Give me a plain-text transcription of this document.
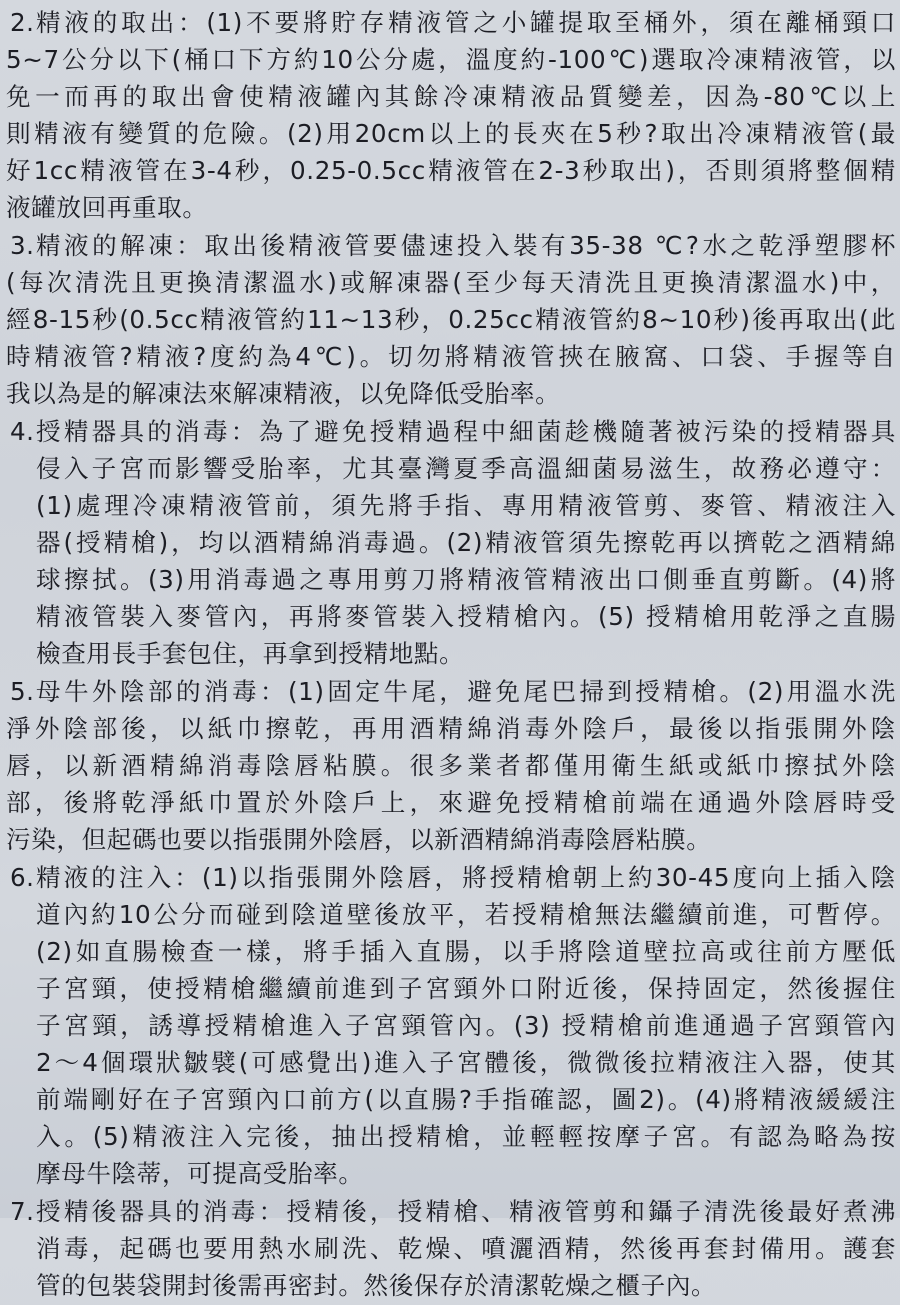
2. 精液的取出：(1)不要將貯存精液管之小罐提取至桶外，須在離桶頸口
5~7公分以下(桶口下方約10公分處，溫度約-100℃)選取冷凍精液管，以
免一而再的取出會使精液罐內其餘冷凍精液品質變差，因為-80℃以上
則精液有變質的危險。(2)用20cm以上的長夾在5秒?取出冷凍精液管(最
好1cc精液管在3-4秒，0.25-0.5cc精液管在2-3秒取出)，否則須將整個精
液罐放回再重取。
3. 精液的解凍：取出後精液管要儘速投入裝有35-38 ℃?水之乾淨塑膠杯
(每次清洗且更換清潔溫水)或解凍器(至少每天清洗且更換清潔溫水)中，
經8-15秒(0.5cc精液管約11~13秒，0.25cc精液管約8~10秒)後再取出(此
時精液管?精液?度約為4℃)。切勿將精液管挾在腋窩、口袋、手握等自
我以為是的解凍法來解凍精液，以免降低受胎率。
4. 授精器具的消毒：為了避免授精過程中細菌趁機隨著被污染的授精器具
侵入子宮而影響受胎率，尤其臺灣夏季高溫細菌易滋生，故務必遵守：
(1)處理冷凍精液管前，須先將手指、專用精液管剪、麥管、精液注入
器(授精槍)，均以酒精綿消毒過。(2)精液管須先擦乾再以擠乾之酒精綿
球擦拭。(3)用消毒過之專用剪刀將精液管精液出口側垂直剪斷。(4)將
精液管裝入麥管內，再將麥管裝入授精槍內。(5) 授精槍用乾淨之直腸
檢查用長手套包住，再拿到授精地點。
5. 母牛外陰部的消毒：(1)固定牛尾，避免尾巴掃到授精槍。(2)用溫水洗
淨外陰部後，以紙巾擦乾，再用酒精綿消毒外陰戶，最後以指張開外陰
唇，以新酒精綿消毒陰唇粘膜。很多業者都僅用衛生紙或紙巾擦拭外陰
部，後將乾淨紙巾置於外陰戶上，來避免授精槍前端在通過外陰唇時受
污染，但起碼也要以指張開外陰唇，以新酒精綿消毒陰唇粘膜。
6. 精液的注入：(1)以指張開外陰唇，將授精槍朝上約30-45度向上插入陰
道內約10公分而碰到陰道壁後放平，若授精槍無法繼續前進，可暫停。
(2)如直腸檢查一樣，將手插入直腸，以手將陰道壁拉高或往前方壓低
子宮頸，使授精槍繼續前進到子宮頸外口附近後，保持固定，然後握住
子宮頸，誘導授精槍進入子宮頸管內。(3) 授精槍前進通過子宮頸管內
2～4個環狀皺襞(可感覺出)進入子宮體後，微微後拉精液注入器，使其
前端剛好在子宮頸內口前方(以直腸?手指確認，圖2)。(4)將精液緩緩注
入。(5)精液注入完後，抽出授精槍，並輕輕按摩子宮。有認為略為按
摩母牛陰蒂，可提高受胎率。
7. 授精後器具的消毒：授精後，授精槍、精液管剪和鑷子清洗後最好煮沸
消毒，起碼也要用熱水刷洗、乾燥、噴灑酒精，然後再套封備用。護套
管的包裝袋開封後需再密封。然後保存於清潔乾燥之櫃子內。
